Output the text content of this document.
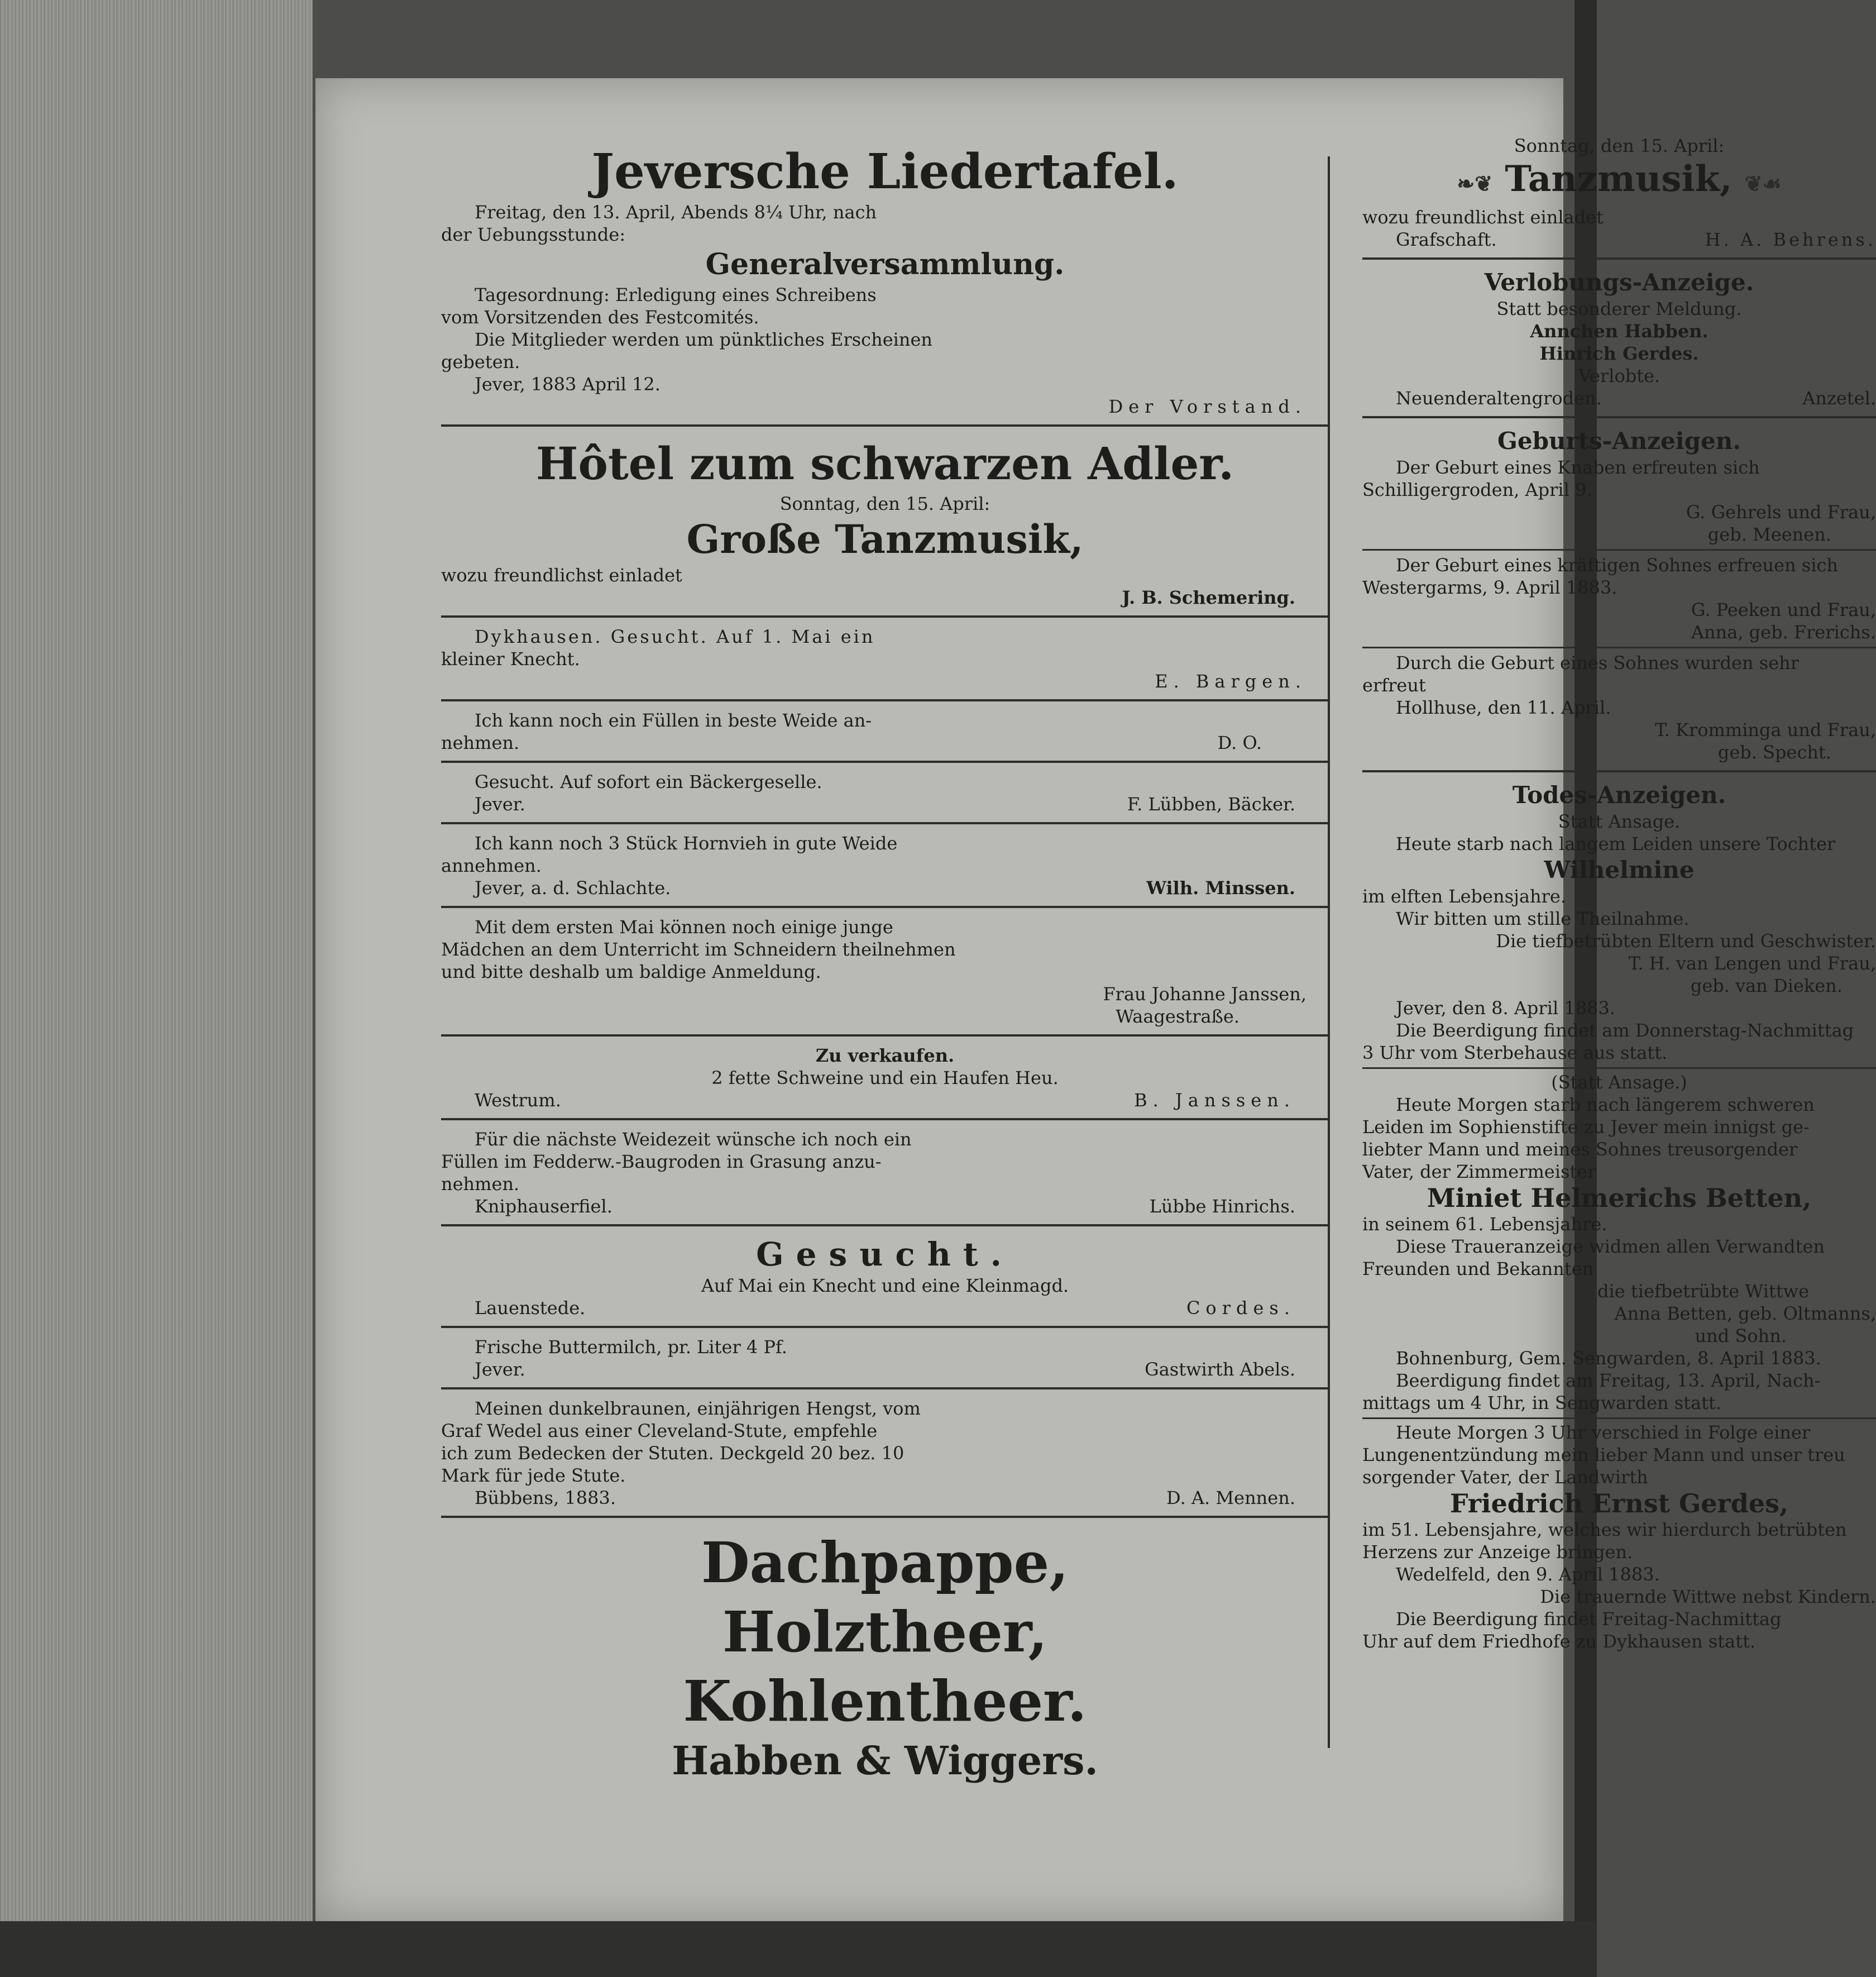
Jeversche Liedertafel.

Freitag, den 13. April, Abends 8¼ Uhr, nach

der Uebungsstunde:

Generalversammlung.

Tagesordnung: Erledigung eines Schreibens

vom Vorsitzenden des Festcomités.

Die Mitglieder werden um pünktliches Erscheinen

gebeten.

Jever, 1883 April 12.

Der Vorstand.

Hôtel zum schwarzen Adler.

Sonntag, den 15. April:

Große Tanzmusik,

wozu freundlichst einladet

J. B. Schemering.

Dykhausen. Gesucht. Auf 1. Mai ein

kleiner Knecht.

E. Bargen.

Ich kann noch ein Füllen in beste Weide an-

nehmen.	D. O.

Gesucht. Auf sofort ein Bäckergeselle.

Jever.	F. Lübben, Bäcker.

Ich kann noch 3 Stück Hornvieh in gute Weide

annehmen.

Jever, a. d. Schlachte.	Wilh. Minssen.

Mit dem ersten Mai können noch einige junge

Mädchen an dem Unterricht im Schneidern theilnehmen

und bitte deshalb um baldige Anmeldung.

Frau Johanne Janssen,

Waagestraße.

Zu verkaufen.

2 fette Schweine und ein Haufen Heu.

Westrum.	B. Janssen.

Für die nächste Weidezeit wünsche ich noch ein

Füllen im Fedderw.-Baugroden in Grasung anzu-

nehmen.

Kniphauserfiel.	Lübbe Hinrichs.

Gesucht.

Auf Mai ein Knecht und eine Kleinmagd.

Lauenstede.	Cordes.

Frische Buttermilch, pr. Liter 4 Pf.

Jever.	Gastwirth Abels.

Meinen dunkelbraunen, einjährigen Hengst, vom

Graf Wedel aus einer Cleveland-Stute, empfehle

ich zum Bedecken der Stuten. Deckgeld 20 bez. 10

Mark für jede Stute.

Bübbens, 1883.	D. A. Mennen.

Dachpappe,

Holztheer,

Kohlentheer.

Habben & Wiggers.

Sonntag, den 15. April:

❧❦ Tanzmusik, ❦☙

wozu freundlichst einladet

Grafschaft.	H. A. Behrens.

Verlobungs-Anzeige.

Statt besonderer Meldung.

Annchen Habben.

Hinrich Gerdes.

Verlobte.

Neuenderaltengroden.	Anzetel.

Geburts-Anzeigen.

Der Geburt eines Knaben erfreuten sich

Schilligergroden, April 9.

G. Gehrels und Frau,

geb. Meenen.

Der Geburt eines kräftigen Sohnes erfreuen sich

Westergarms, 9. April 1883.

G. Peeken und Frau,

Anna, geb. Frerichs.

Durch die Geburt eines Sohnes wurden sehr

erfreut

Hollhuse, den 11. April.

T. Kromminga und Frau,

geb. Specht.

Todes-Anzeigen.

Statt Ansage.

Heute starb nach langem Leiden unsere Tochter

Wilhelmine

im elften Lebensjahre.

Wir bitten um stille Theilnahme.

Die tiefbetrübten Eltern und Geschwister.

T. H. van Lengen und Frau,

geb. van Dieken.

Jever, den 8. April 1883.

Die Beerdigung findet am Donnerstag-Nachmittag

3 Uhr vom Sterbehause aus statt.

(Statt Ansage.)

Heute Morgen starb nach längerem schweren

Leiden im Sophienstifte zu Jever mein innigst ge-

liebter Mann und meines Sohnes treusorgender

Vater, der Zimmermeister

Miniet Helmerichs Betten,

in seinem 61. Lebensjahre.

Diese Traueranzeige widmen allen Verwandten

Freunden und Bekannten

die tiefbetrübte Wittwe

Anna Betten, geb. Oltmanns,

und Sohn.

Bohnenburg, Gem. Sengwarden, 8. April 1883.

Beerdigung findet am Freitag, 13. April, Nach-

mittags um 4 Uhr, in Sengwarden statt.

Heute Morgen 3 Uhr verschied in Folge einer

Lungenentzündung mein lieber Mann und unser treu

sorgender Vater, der Landwirth

Friedrich Ernst Gerdes,

im 51. Lebensjahre, welches wir hierdurch betrübten

Herzens zur Anzeige bringen.

Wedelfeld, den 9. April 1883.

Die trauernde Wittwe nebst Kindern.

Die Beerdigung findet Freitag-Nachmittag

Uhr auf dem Friedhofe zu Dykhausen statt.
